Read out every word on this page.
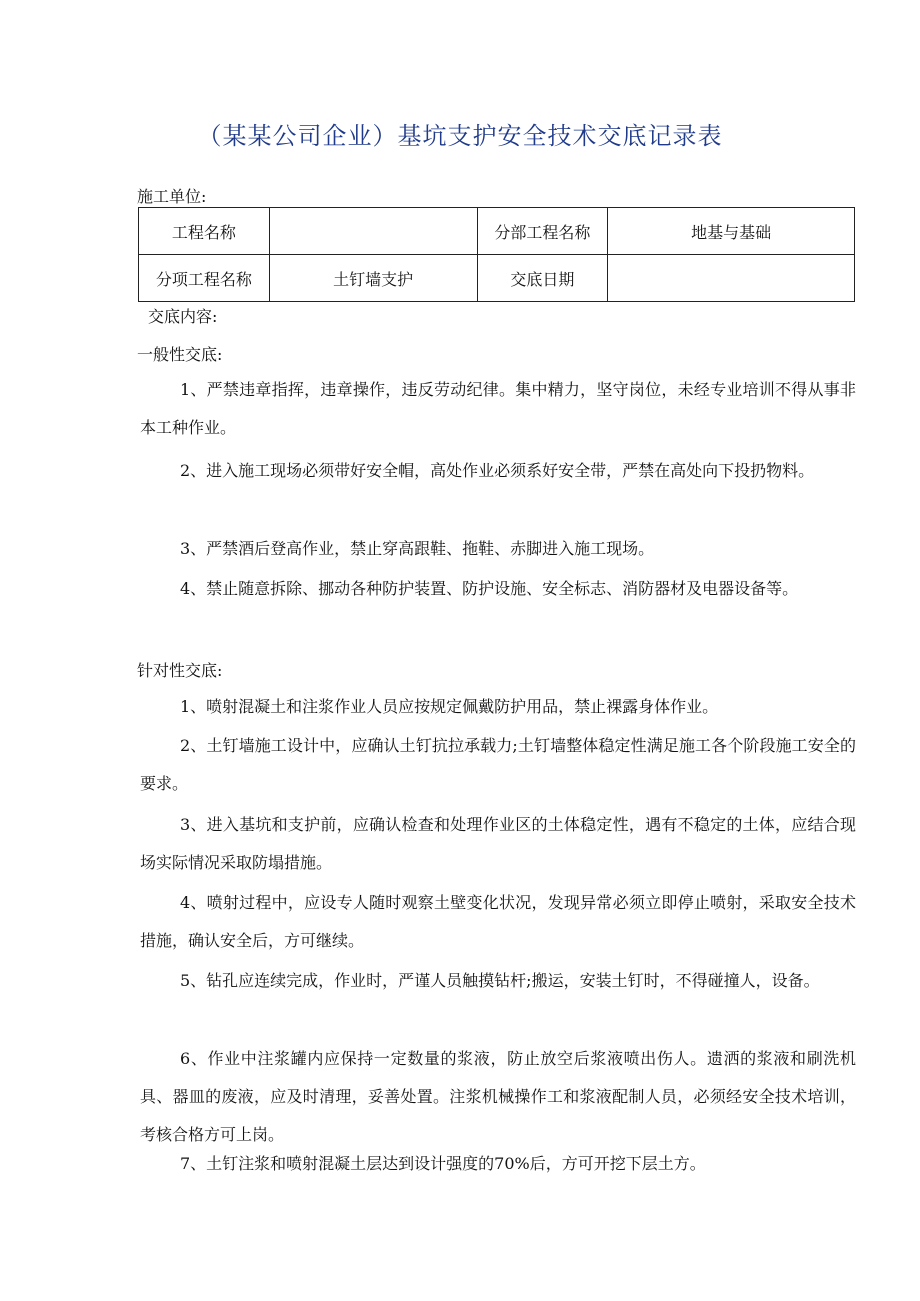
（某某公司企业）基坑支护安全技术交底记录表
施工单位:
工程名称		分部工程名称	地基与基础
分项工程名称	土钉墙支护	交底日期	
交底内容:
一般性交底:

1、严禁违章指挥，违章操作，违反劳动纪律。集中精力，坚守岗位，未经专业培训不得从事非本工种作业。

2、进入施工现场必须带好安全帽，高处作业必须系好安全带，严禁在高处向下投扔物料。

3、严禁酒后登高作业，禁止穿高跟鞋、拖鞋、赤脚进入施工现场。

4、禁止随意拆除、挪动各种防护装置、防护设施、安全标志、消防器材及电器设备等。

针对性交底:

1、喷射混凝土和注浆作业人员应按规定佩戴防护用品，禁止裸露身体作业。

2、土钉墙施工设计中，应确认土钉抗拉承载力;土钉墙整体稳定性满足施工各个阶段施工安全的要求。

3、进入基坑和支护前，应确认检查和处理作业区的土体稳定性，遇有不稳定的土体，应结合现场实际情况采取防塌措施。

4、喷射过程中，应设专人随时观察土壁变化状况，发现异常必须立即停止喷射，采取安全技术措施，确认安全后，方可继续。

5、钻孔应连续完成，作业时，严谨人员触摸钻杆;搬运，安装土钉时，不得碰撞人，设备。

6、作业中注浆罐内应保持一定数量的浆液，防止放空后浆液喷出伤人。遗洒的浆液和刷洗机具、器皿的废液，应及时清理，妥善处置。注浆机械操作工和浆液配制人员，必须经安全技术培训，考核合格方可上岗。

7、土钉注浆和喷射混凝土层达到设计强度的70%后，方可开挖下层土方。
